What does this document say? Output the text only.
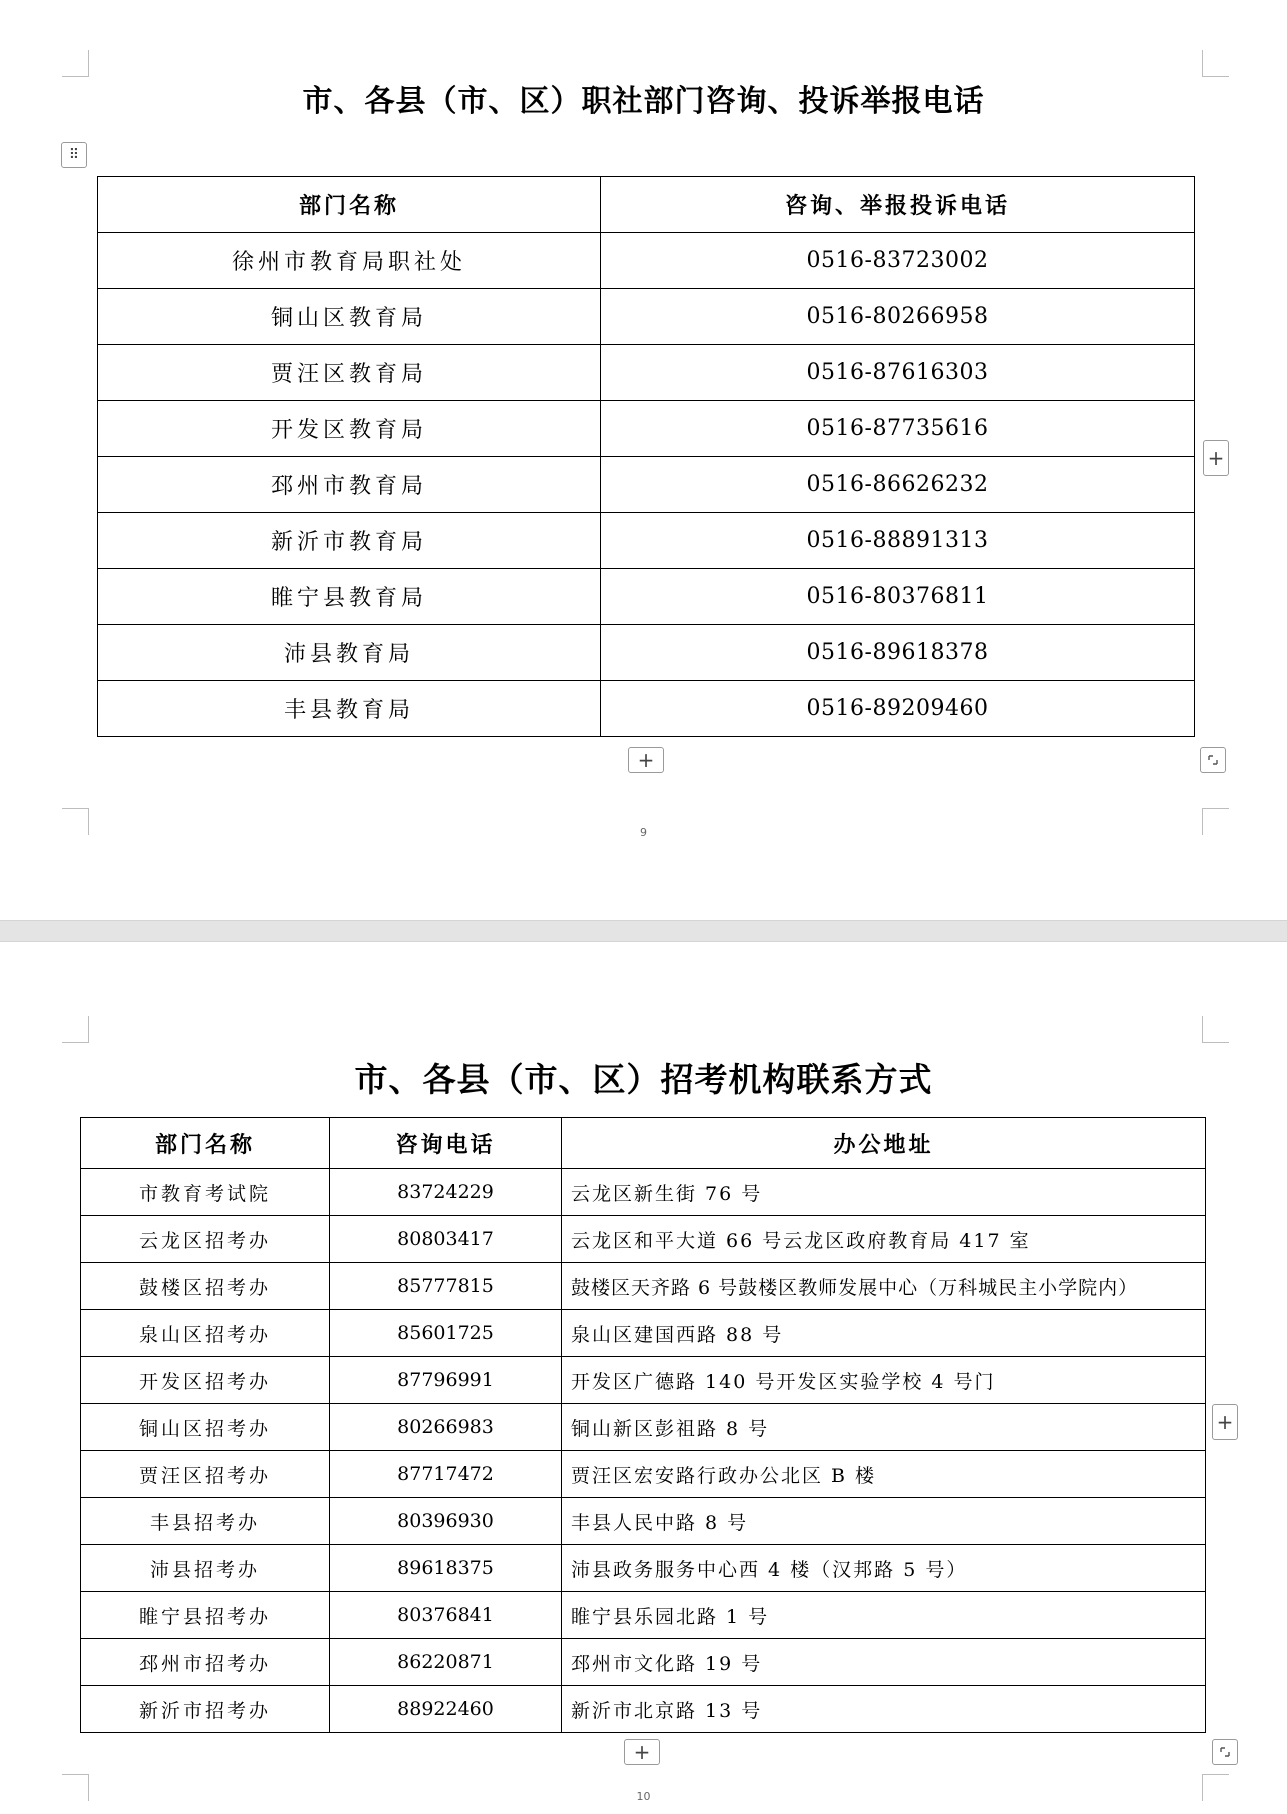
市、各县（市、区）职社部门咨询、投诉举报电话
⠿
部门名称	咨询、举报投诉电话
徐州市教育局职社处	0516-83723002
铜山区教育局	0516-80266958
贾汪区教育局	0516-87616303
开发区教育局	0516-87735616
邳州市教育局	0516-86626232
新沂市教育局	0516-88891313
睢宁县教育局	0516-80376811
沛县教育局	0516-89618378
丰县教育局	0516-89209460
+
+
9
市、各县（市、区）招考机构联系方式
部门名称	咨询电话	办公地址
市教育考试院	83724229	云龙区新生街 76 号
云龙区招考办	80803417	云龙区和平大道 66 号云龙区政府教育局 417 室
鼓楼区招考办	85777815	鼓楼区天齐路 6 号鼓楼区教师发展中心（万科城民主小学院内）
泉山区招考办	85601725	泉山区建国西路 88 号
开发区招考办	87796991	开发区广德路 140 号开发区实验学校 4 号门
铜山区招考办	80266983	铜山新区彭祖路 8 号
贾汪区招考办	87717472	贾汪区宏安路行政办公北区 B 楼
丰县招考办	80396930	丰县人民中路 8 号
沛县招考办	89618375	沛县政务服务中心西 4 楼（汉邦路 5 号）
睢宁县招考办	80376841	睢宁县乐园北路 1 号
邳州市招考办	86220871	邳州市文化路 19 号
新沂市招考办	88922460	新沂市北京路 13 号
+
+
10
